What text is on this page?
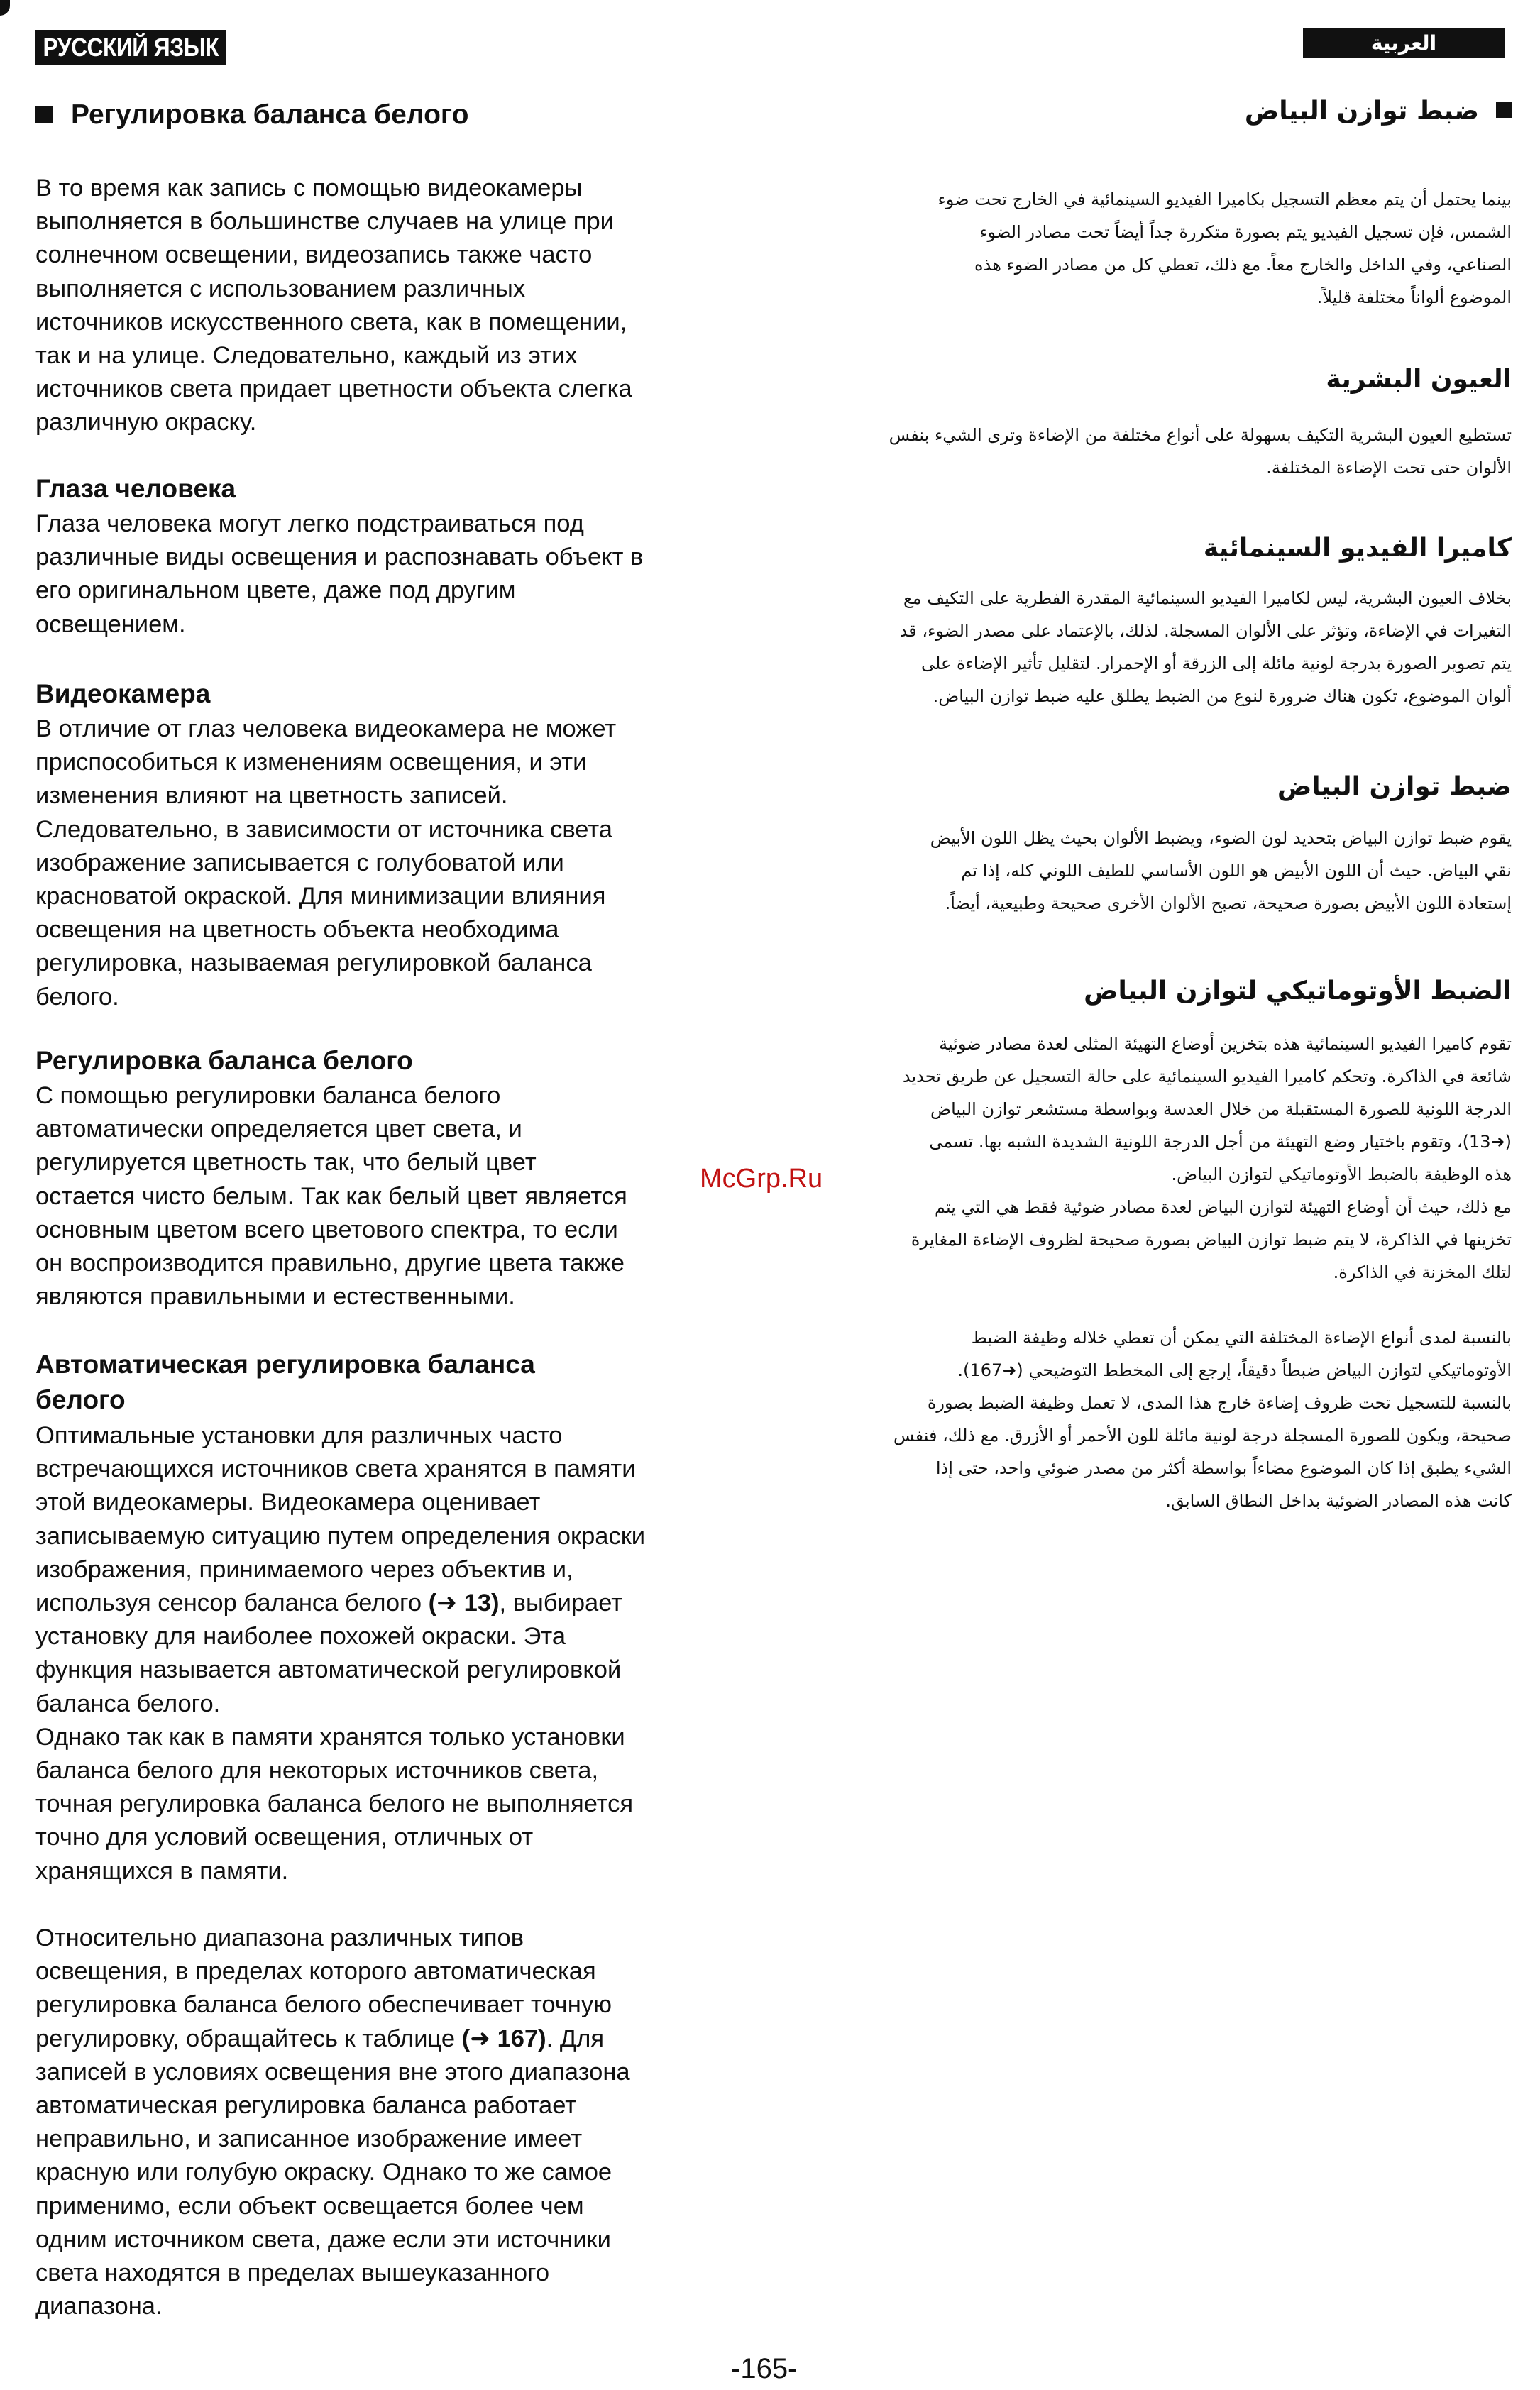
РУССКИЙ ЯЗЫК	العربية
Регулировка баланса белого
В то время как запись с помощью видеокамеры
выполняется в большинстве случаев на улице при
солнечном освещении, видеозапись также часто
выполняется с использованием различных
источников искусственного света, как в помещении,
так и на улице. Следовательно, каждый из этих
источников света придает цветности объекта слегка
различную окраску.
Глаза человека
Глаза человека могут легко подстраиваться под
различные виды освещения и распознавать объект в
его оригинальном цвете, даже под другим
освещением.
Видеокамера
В отличие от глаз человека видеокамера не может
приспособиться к изменениям освещения, и эти
изменения влияют на цветность записей.
Следовательно, в зависимости от источника света
изображение записывается с голубоватой или
красноватой окраской. Для минимизации влияния
освещения на цветность объекта необходима
регулировка, называемая регулировкой баланса
белого.
Регулировка баланса белого
С помощью регулировки баланса белого
автоматически определяется цвет света, и
регулируется цветность так, что белый цвет
остается чисто белым. Так как белый цвет является
основным цветом всего цветового спектра, то если
он воспроизводится правильно, другие цвета также
являются правильными и естественными.
Автоматическая регулировка баланса
белого
Оптимальные установки для различных часто
встречающихся источников света хранятся в памяти
этой видеокамеры. Видеокамера оценивает
записываемую ситуацию путем определения окраски
изображения, принимаемого через объектив и,
используя сенсор баланса белого (➜ 13), выбирает
установку для наиболее похожей окраски. Эта
функция называется автоматической регулировкой
баланса белого.
Однако так как в памяти хранятся только установки
баланса белого для некоторых источников света,
точная регулировка баланса белого не выполняется
точно для условий освещения, отличных от
хранящихся в памяти.
Относительно диапазона различных типов
освещения, в пределах которого автоматическая
регулировка баланса белого обеспечивает точную
регулировку, обращайтесь к таблице (➜ 167). Для
записей в условиях освещения вне этого диапазона
автоматическая регулировка баланса работает
неправильно, и записанное изображение имеет
красную или голубую окраску. Однако то же самое
применимо, если объект освещается более чем
одним источником света, даже если эти источники
света находятся в пределах вышеуказанного
диапазона.
McGrp.Ru
ضبط توازن البياض
بينما يحتمل أن يتم معظم التسجيل بكاميرا الفيديو السينمائية في الخارج تحت ضوء
الشمس، فإن تسجيل الفيديو يتم بصورة متكررة جداً أيضاً تحت مصادر الضوء
الصناعي، وفي الداخل والخارج معاً. مع ذلك، تعطي كل من مصادر الضوء هذه
الموضوع ألواناً مختلفة قليلاً.
العيون البشرية
تستطيع العيون البشرية التكيف بسهولة على أنواع مختلفة من الإضاءة وترى الشيء بنفس
الألوان حتى تحت الإضاءة المختلفة.
كاميرا الفيديو السينمائية
بخلاف العيون البشرية، ليس لكاميرا الفيديو السينمائية المقدرة الفطرية على التكيف مع
التغيرات في الإضاءة، وتؤثر على الألوان المسجلة. لذلك، بالإعتماد على مصدر الضوء، قد
يتم تصوير الصورة بدرجة لونية مائلة إلى الزرقة أو الإحمرار. لتقليل تأثير الإضاءة على
ألوان الموضوع، تكون هناك ضرورة لنوع من الضبط يطلق عليه ضبط توازن البياض.
ضبط توازن البياض
يقوم ضبط توازن البياض بتحديد لون الضوء، ويضبط الألوان بحيث يظل اللون الأبيض
نقي البياض. حيث أن اللون الأبيض هو اللون الأساسي للطيف اللوني كله، إذا تم
إستعادة اللون الأبيض بصورة صحيحة، تصبح الألوان الأخرى صحيحة وطبيعية، أيضاً.
الضبط الأوتوماتيكي لتوازن البياض
تقوم كاميرا الفيديو السينمائية هذه بتخزين أوضاع التهيئة المثلى لعدة مصادر ضوئية
شائعة في الذاكرة. وتحكم كاميرا الفيديو السينمائية على حالة التسجيل عن طريق تحديد
الدرجة اللونية للصورة المستقبلة من خلال العدسة وبواسطة مستشعر توازن البياض
(➜13)، وتقوم باختيار وضع التهيئة من أجل الدرجة اللونية الشديدة الشبه بها. تسمى
هذه الوظيفة بالضبط الأوتوماتيكي لتوازن البياض.
مع ذلك، حيث أن أوضاع التهيئة لتوازن البياض لعدة مصادر ضوئية فقط هي التي يتم
تخزينها في الذاكرة، لا يتم ضبط توازن البياض بصورة صحيحة لظروف الإضاءة المغايرة
لتلك المخزنة في الذاكرة.
بالنسبة لمدى أنواع الإضاءة المختلفة التي يمكن أن تعطي خلاله وظيفة الضبط
الأوتوماتيكي لتوازن البياض ضبطاً دقيقاً، إرجع إلى المخطط التوضيحي (➜167).
بالنسبة للتسجيل تحت ظروف إضاءة خارج هذا المدى، لا تعمل وظيفة الضبط بصورة
صحيحة، ويكون للصورة المسجلة درجة لونية مائلة للون الأحمر أو الأزرق. مع ذلك، فنفس
الشيء يطبق إذا كان الموضوع مضاءاً بواسطة أكثر من مصدر ضوئي واحد، حتى إذا
كانت هذه المصادر الضوئية بداخل النطاق السابق.
-165-
